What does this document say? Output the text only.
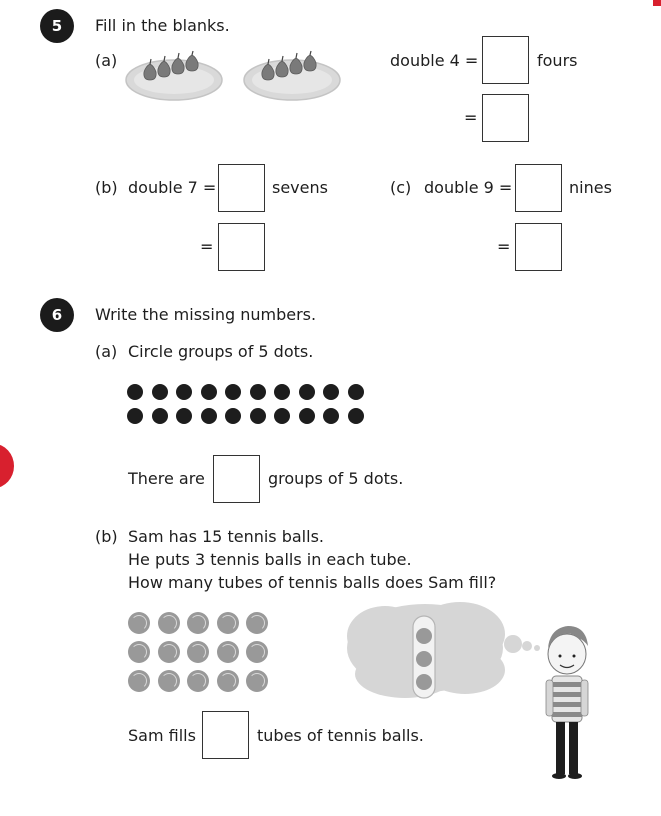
5	Fill in the blanks.
(a)	double 4 =	fours
=
(b) double 7 =	sevens
=
(c) double 9 =	nines
=
6	Write the missing numbers.
(a) Circle groups of 5 dots.
There are	groups of 5 dots.
(b) Sam has 15 tennis balls.
He puts 3 tennis balls in each tube.
How many tubes of tennis balls does Sam fill?
Sam fills	tubes of tennis balls.
